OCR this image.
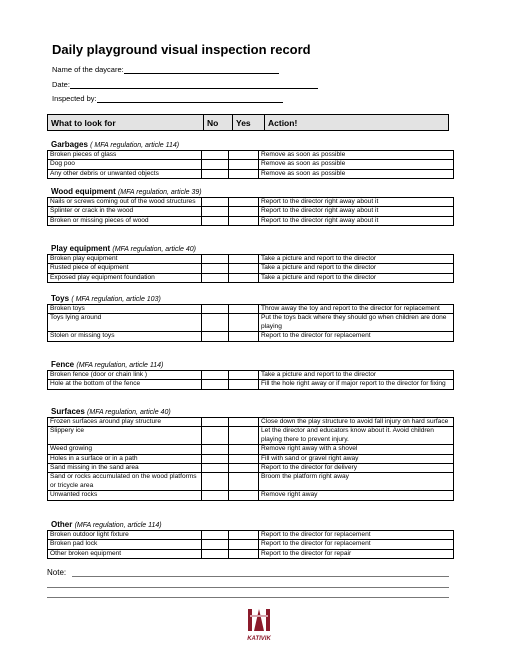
Daily playground visual inspection record
Name of the daycare:
Date:
Inspected by:
What to look for	No	Yes	Action!
Garbages ( MFA regulation, article 114)
Broken pieces of glass			Remove as soon as possible
Dog poo			Remove as soon as possible
Any other debris or unwanted objects			Remove as soon as possible
Wood equipment (MFA regulation, article 39)
Nails or screws coming out of the wood structures			Report to the director right away about it
Splinter or crack in the wood			Report to the director right away about it
Broken or missing pieces of wood			Report to the director right away about it
Play equipment (MFA regulation, article 40)
Broken play equipment			Take a picture and report to the director
Rusted piece of equipment			Take a picture and report to the director
Exposed play equipment foundation			Take a picture and report to the director
Toys ( MFA regulation, article 103)
Broken toys			Throw away the toy and report to the director for replacement
Toys lying around			Put the toys back where they should go when children are done playing
Stolen or missing toys			Report to the director for replacement
Fence (MFA regulation, article 114)
Broken fence (door or chain link )			Take a picture and report to the director
Hole at the bottom of the fence			Fill the hole right away or if major report to the director for fixing
Surfaces (MFA regulation, article 40)
Frozen surfaces around play structure			Close down the play structure to avoid fall injury on hard surface
Slippery ice			Let the director and educators know about it. Avoid children playing there to prevent injury.
Weed growing			Remove right away with a shovel
Holes in a surface or in a path			Fill with sand or gravel right away
Sand missing in the sand area			Report to the director for delivery
Sand or rocks accumulated on the wood platforms or tricycle area			Broom the platform right away
Unwanted rocks			Remove right away
Other (MFA regulation, article 114)
Broken outdoor light fixture			Report to the director for replacement
Broken pad lock			Report to the director for replacement
Other broken equipment			Report to the director for repair
Note:
KATIVIK
